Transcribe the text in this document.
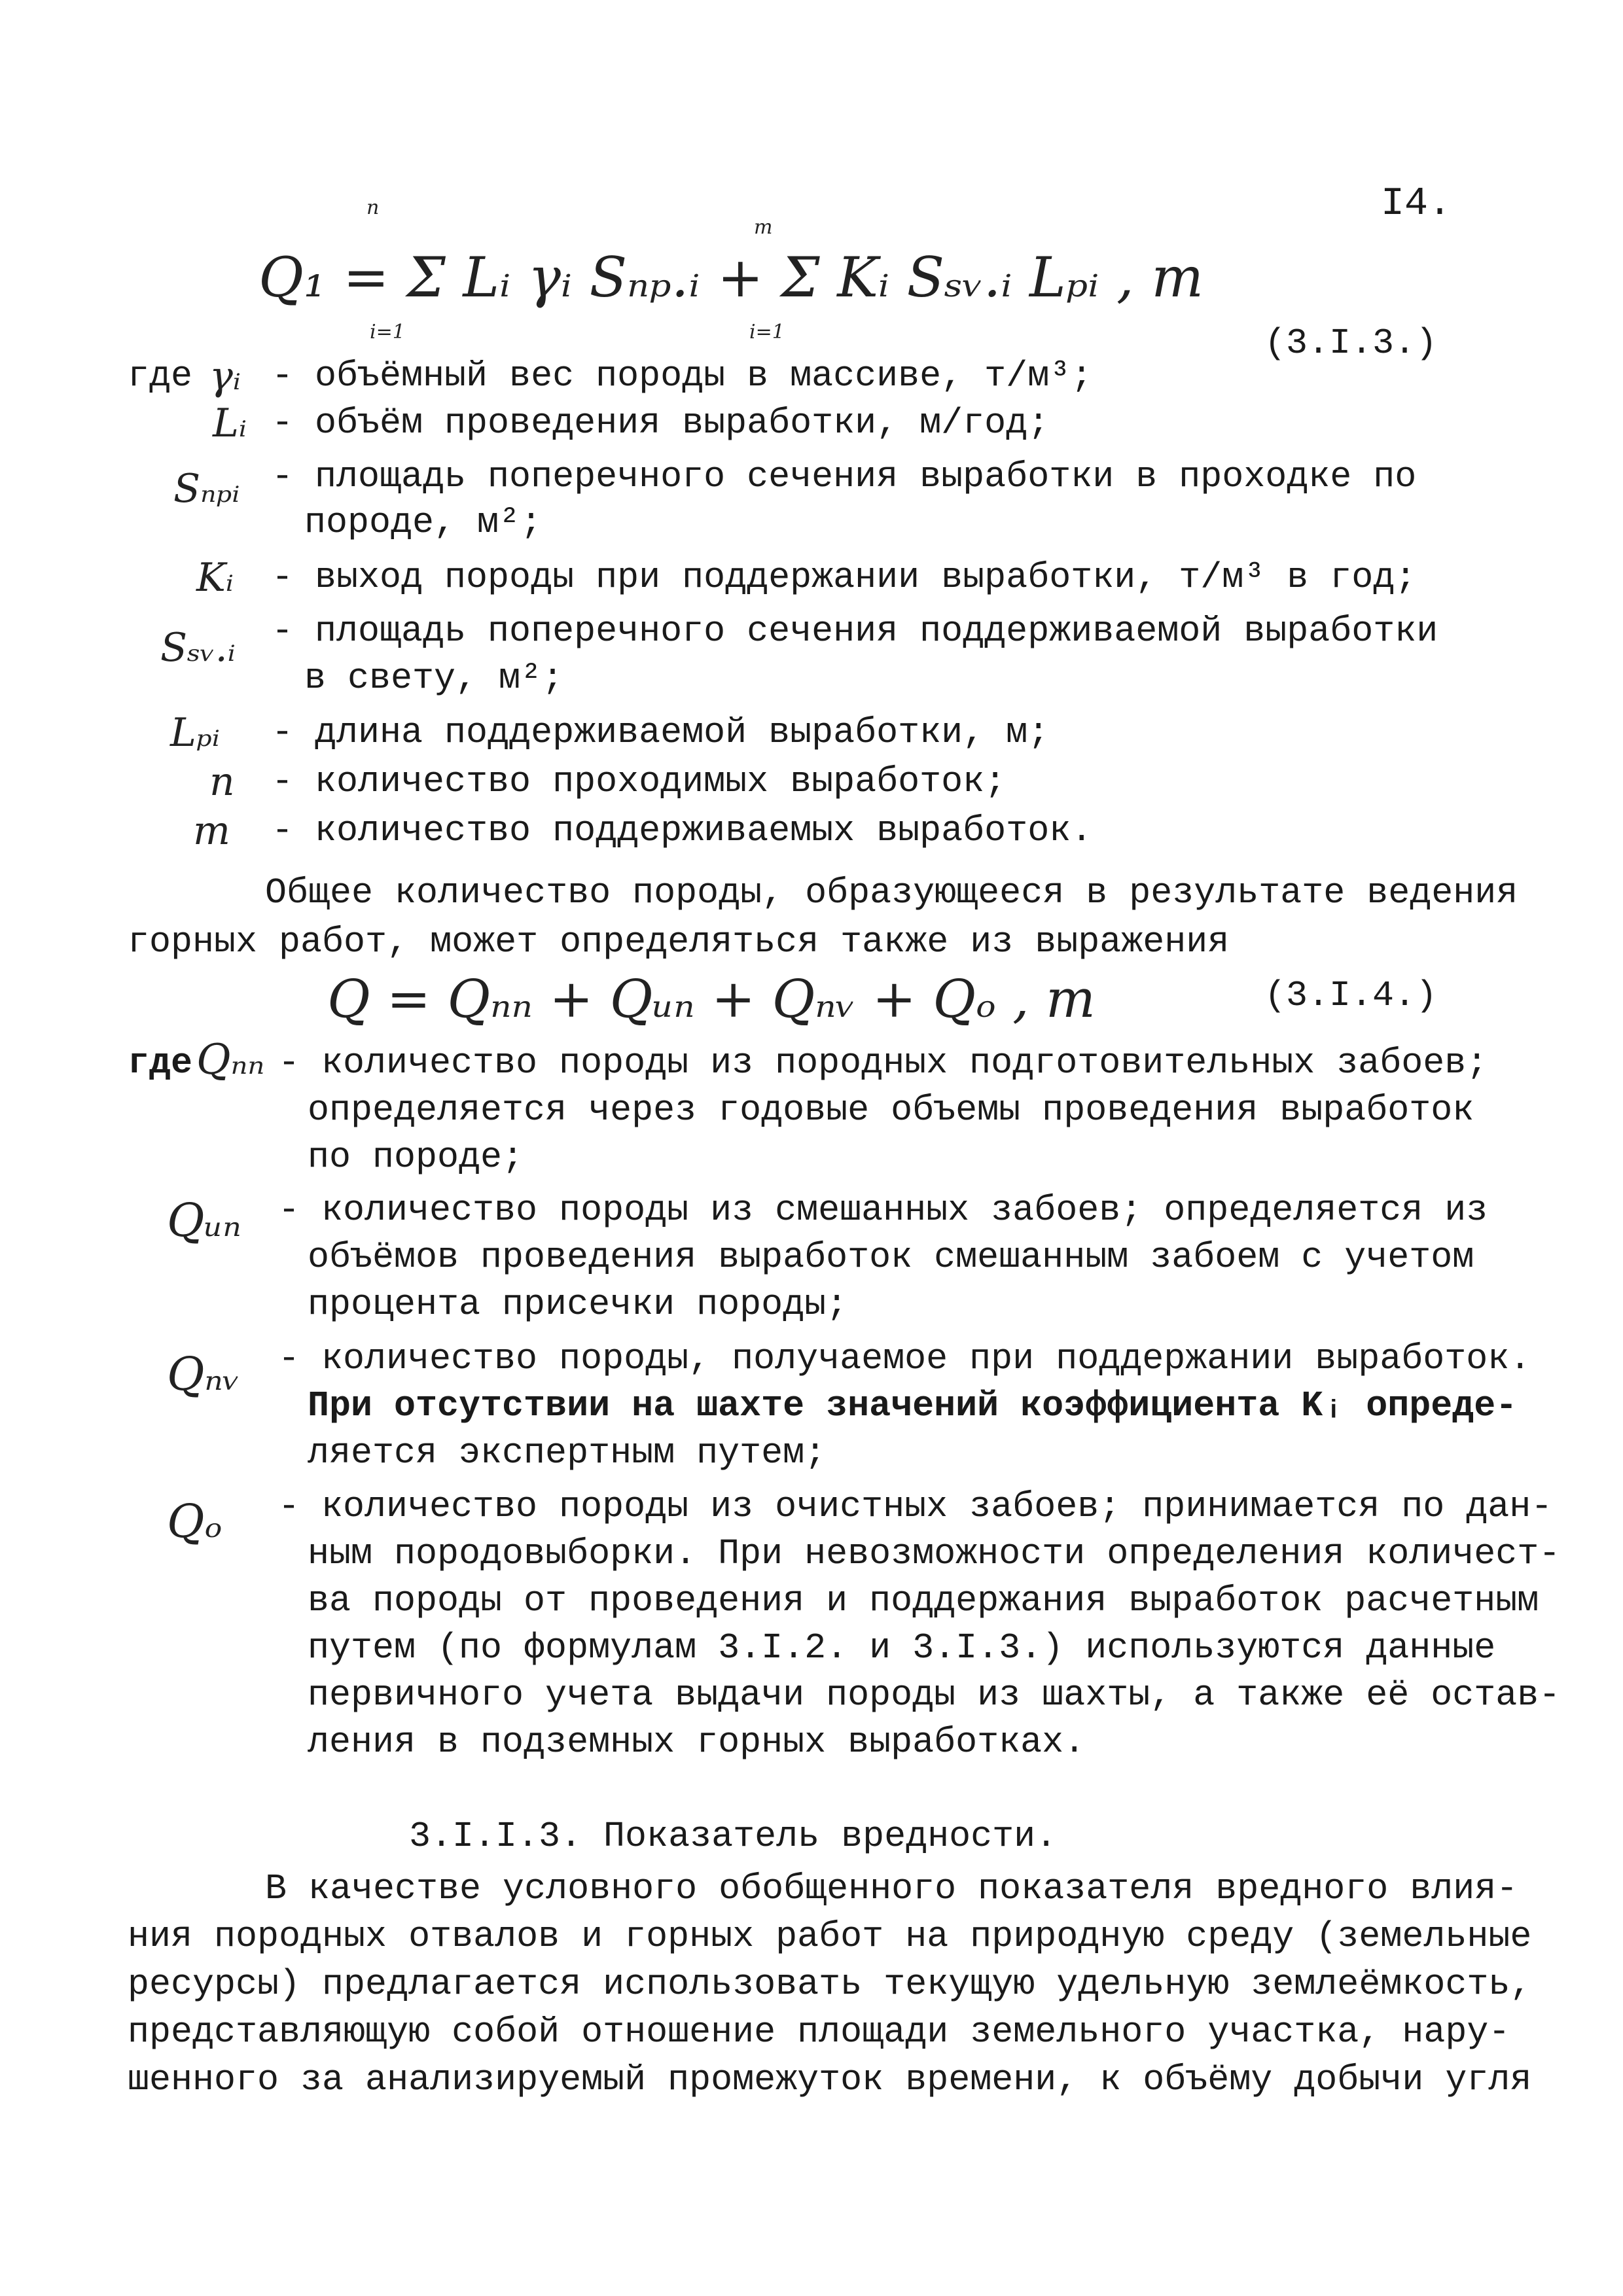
I4.
n
m
Q₁ = Σ Lᵢ γᵢ Sₙₚ.ᵢ + Σ Kᵢ Sₛᵥ.ᵢ Lₚᵢ , т
i=1	i=1	(3.I.3.)
где γᵢ - объёмный вес породы в массиве, т/м³;
Lᵢ - объём проведения выработки, м/год;
Sₙₚᵢ - площадь поперечного сечения выработки в проходке по
породе, м²;
Kᵢ - выход породы при поддержании выработки, т/м³ в год;
Sₛᵥ.ᵢ - площадь поперечного сечения поддерживаемой выработки
в свету, м²;
Lₚᵢ - длина поддерживаемой выработки, м;
n - количество проходимых выработок;
m - количество поддерживаемых выработок.
Общее количество породы, образующееся в результате ведения
горных работ, может определяться также из выражения
Q = Qₙₙ + Qᵤₙ + Qₙᵥ + Qₒ , т	(3.I.4.)
где Qₙₙ - количество породы из породных подготовительных забоев;
определяется через годовые объемы проведения выработок
по породе;
Qᵤₙ - количество породы из смешанных забоев; определяется из
объёмов проведения выработок смешанным забоем с учетом
процента присечки породы;
Qₙᵥ - количество породы, получаемое при поддержании выработок.
При отсутствии на шахте значений коэффициента Kᵢ опреде-
ляется экспертным путем;
Qₒ - количество породы из очистных забоев; принимается по дан-
ным породовыборки. При невозможности определения количест-
ва породы от проведения и поддержания выработок расчетным
путем (по формулам 3.I.2. и 3.I.3.) используются данные
первичного учета выдачи породы из шахты, а также её остав-
ления в подземных горных выработках.
3.I.I.3. Показатель вредности.
В качестве условного обобщенного показателя вредного влия-
ния породных отвалов и горных работ на природную среду (земельные
ресурсы) предлагается использовать текущую удельную землеёмкость,
представляющую собой отношение площади земельного участка, нару-
шенного за анализируемый промежуток времени, к объёму добычи угля
